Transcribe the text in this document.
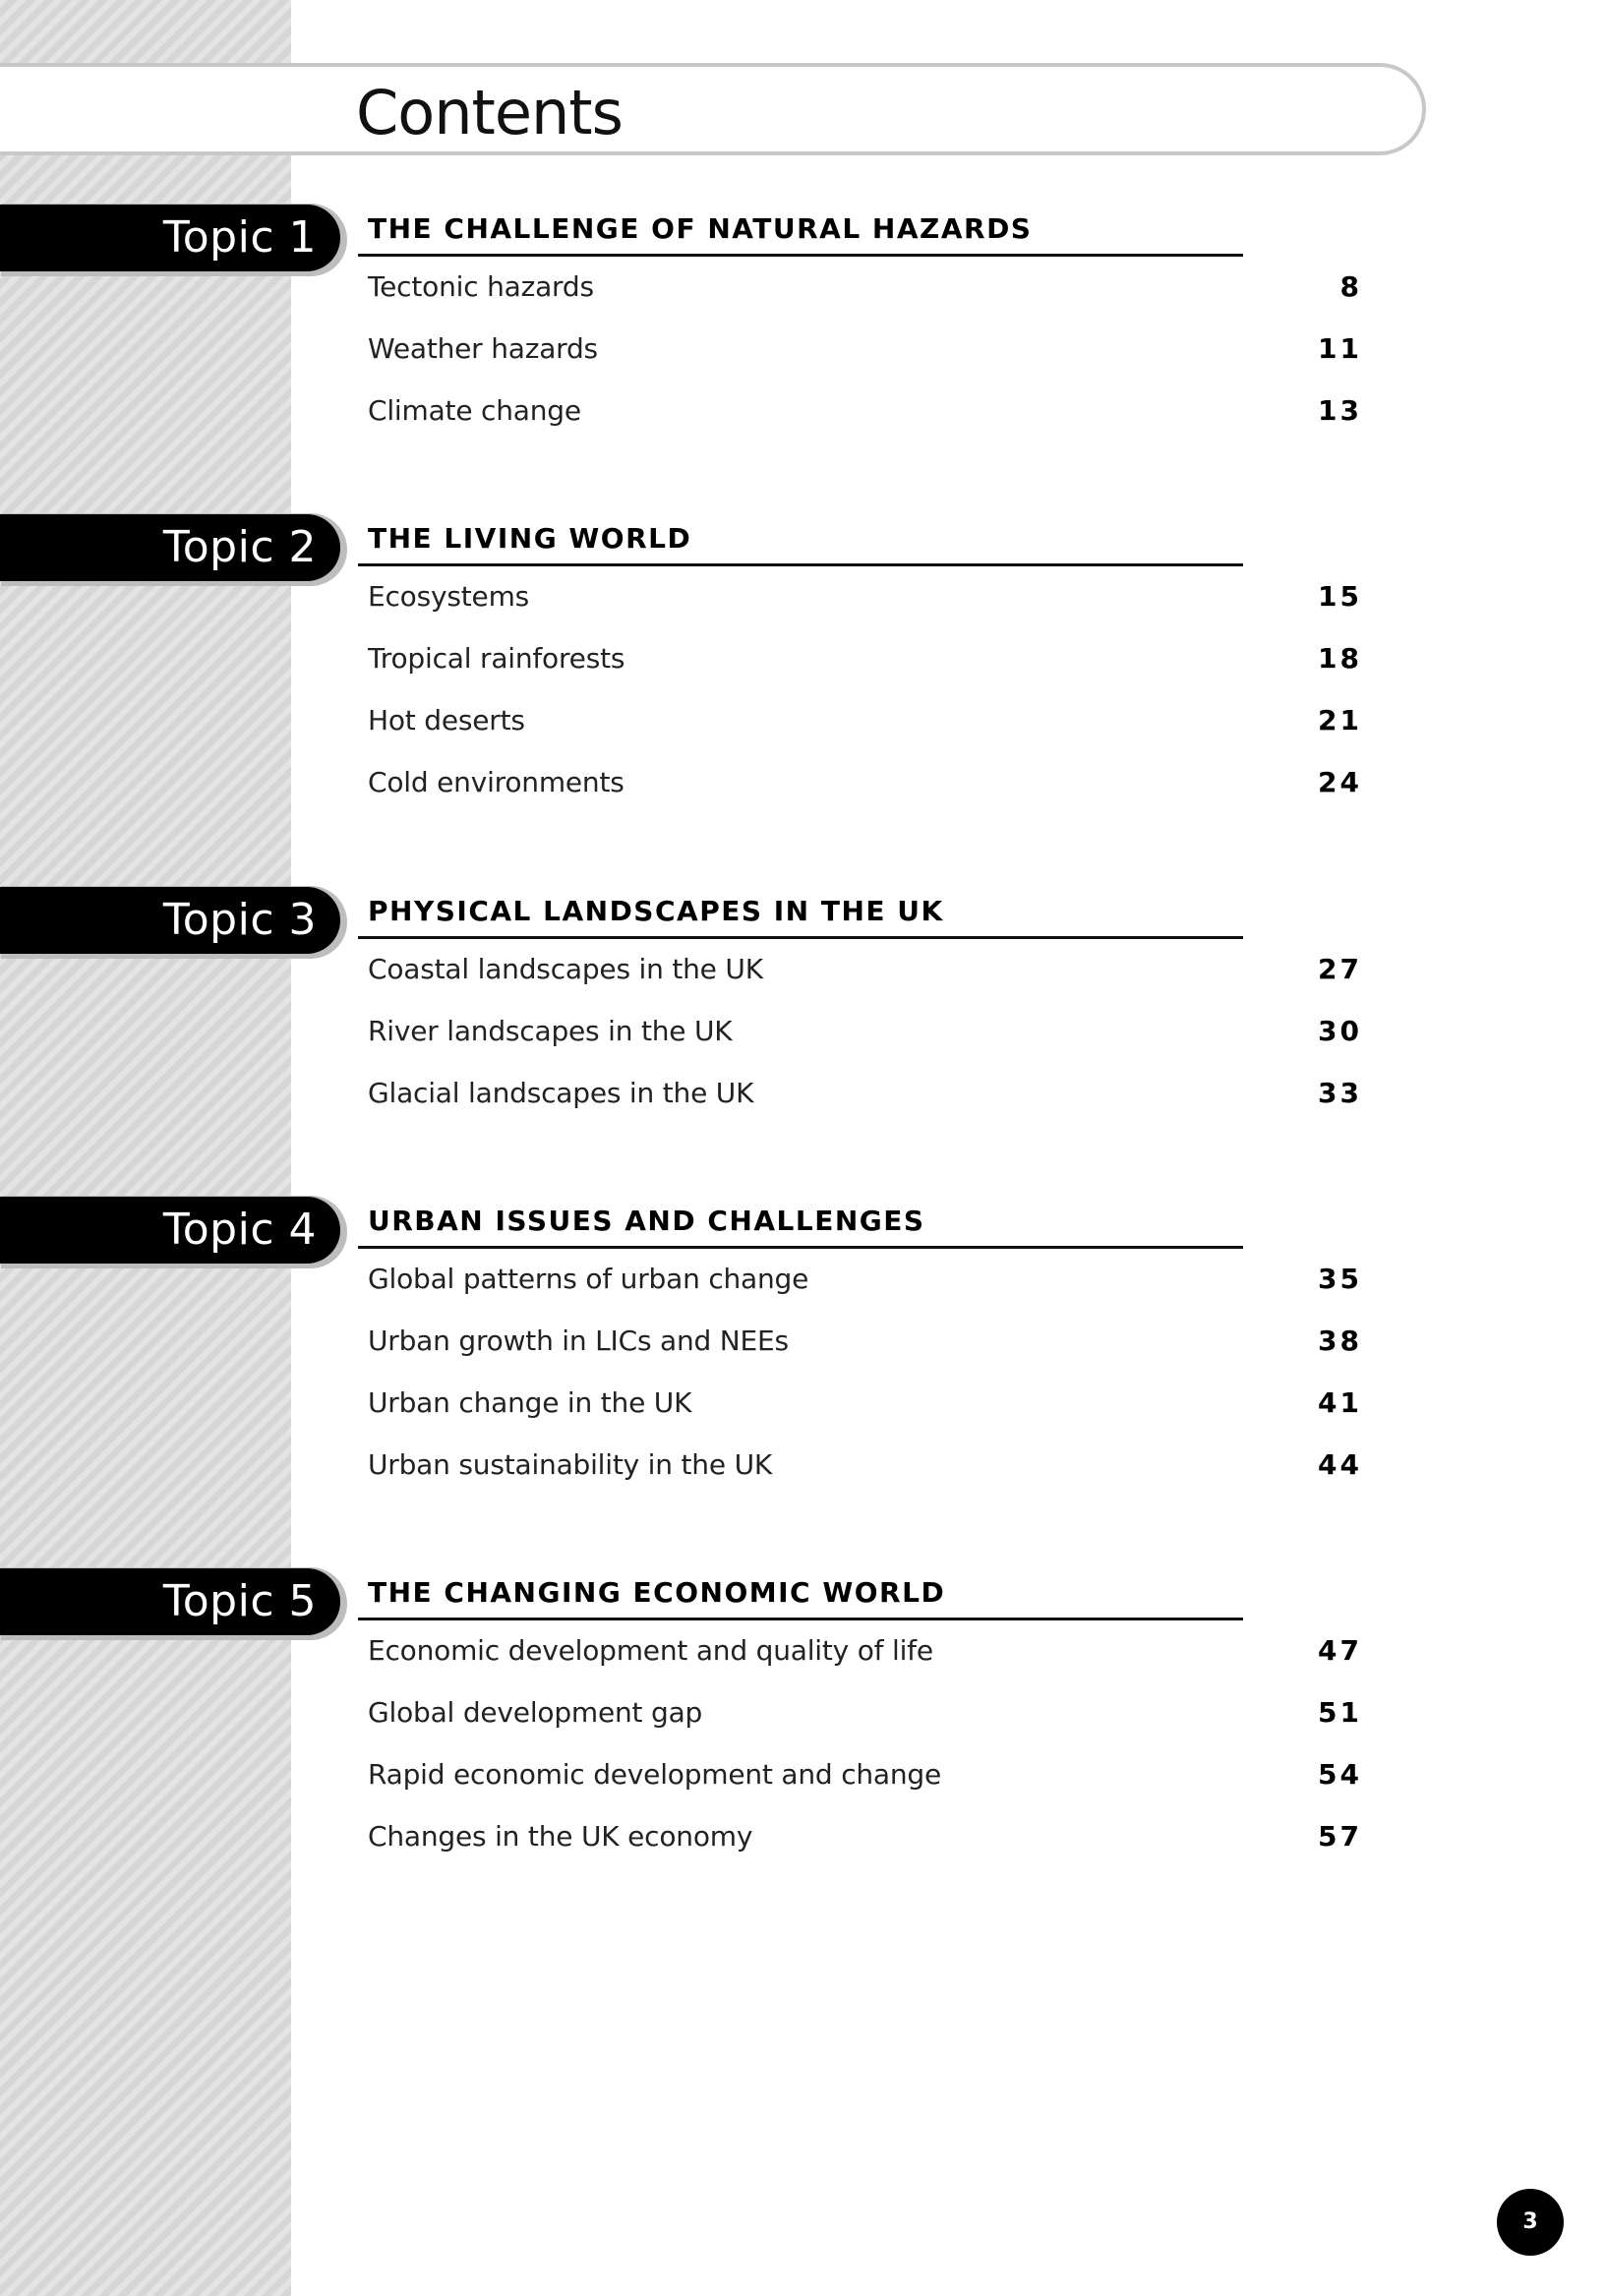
Contents
Topic 1 THE CHALLENGE OF NATURAL HAZARDS
Tectonic hazards	8
Weather hazards	11
Climate change	13
Topic 2 THE LIVING WORLD
Ecosystems	15
Tropical rainforests	18
Hot deserts	21
Cold environments	24
Topic 3 PHYSICAL LANDSCAPES IN THE UK
Coastal landscapes in the UK	27
River landscapes in the UK	30
Glacial landscapes in the UK	33
Topic 4 URBAN ISSUES AND CHALLENGES
Global patterns of urban change	35
Urban growth in LICs and NEEs	38
Urban change in the UK	41
Urban sustainability in the UK	44
Topic 5 THE CHANGING ECONOMIC WORLD
Economic development and quality of life	47
Global development gap	51
Rapid economic development and change	54
Changes in the UK economy	57
3
